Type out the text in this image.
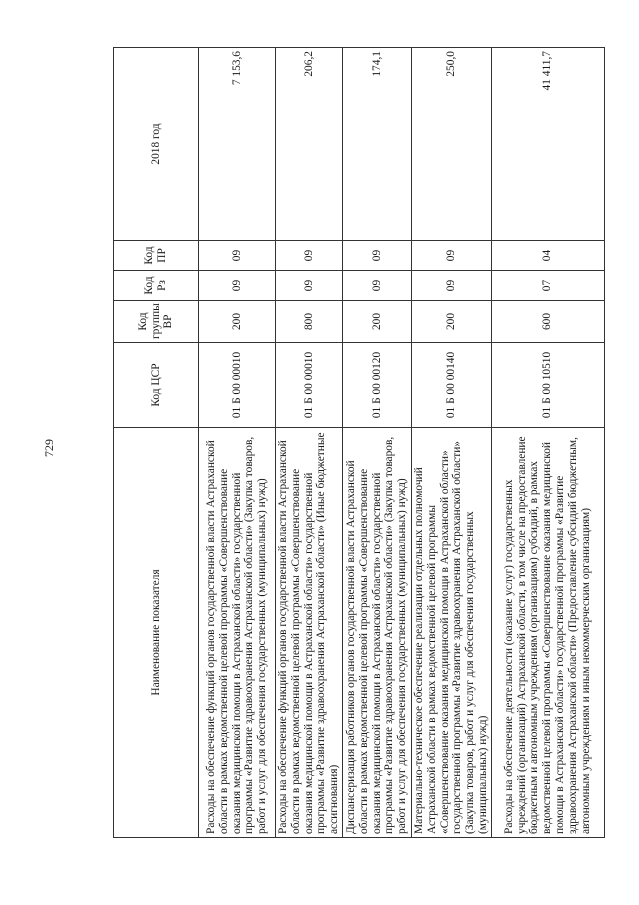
729
Наименование показателя	Код ЦСР	Код группы ВР	Код Рз	Код ПР	2018 год
Расходы на обеспечение функций органов государственной власти Астраханской области в рамках ведомственной целевой программы «Совершенствование оказания медицинской помощи в Астраханской области» государственной программы «Развитие здравоохранения Астраханской области» (Закупка товаров, работ и услуг для обеспечения государственных (муниципальных) нужд)	01 Б 00 00010	200	09	09	7 153,6
Расходы на обеспечение функций органов государственной власти Астраханской области в рамках ведомственной целевой программы «Совершенствование оказания медицинской помощи в Астраханской области» государственной программы «Развитие здравоохранения Астраханской области» (Иные бюджетные ассигнования)	01 Б 00 00010	800	09	09	206,2
Диспансеризация работников органов государственной власти Астраханской области в рамках ведомственной целевой программы «Совершенствование оказания медицинской помощи в Астраханской области» государственной программы «Развитие здравоохранения Астраханской области» (Закупка товаров, работ и услуг для обеспечения государственных (муниципальных) нужд)	01 Б 00 00120	200	09	09	174,1
Материально-техническое обеспечение реализации отдельных полномочий Астраханской области в рамках ведомственной целевой программы «Совершенствование оказания медицинской помощи в Астраханской области» государственной программы «Развитие здравоохранения Астраханской области» (Закупка товаров, работ и услуг для обеспечения государственных (муниципальных) нужд)	01 Б 00 00140	200	09	09	250,0
Расходы на обеспечение деятельности (оказание услуг) государственных учреждений (организаций) Астраханской области, в том числе на предоставление бюджетным и автономным учреждениям (организациям) субсидий, в рамках ведомственной целевой программы «Совершенствование оказания медицинской помощи в Астраханской области» государственной программы «Развитие здравоохранения Астраханской области» (Предоставление субсидий бюджетным, автономным учреждениям и иным некоммерческим организациям)	01 Б 00 10510	600	07	04	41 411,7
